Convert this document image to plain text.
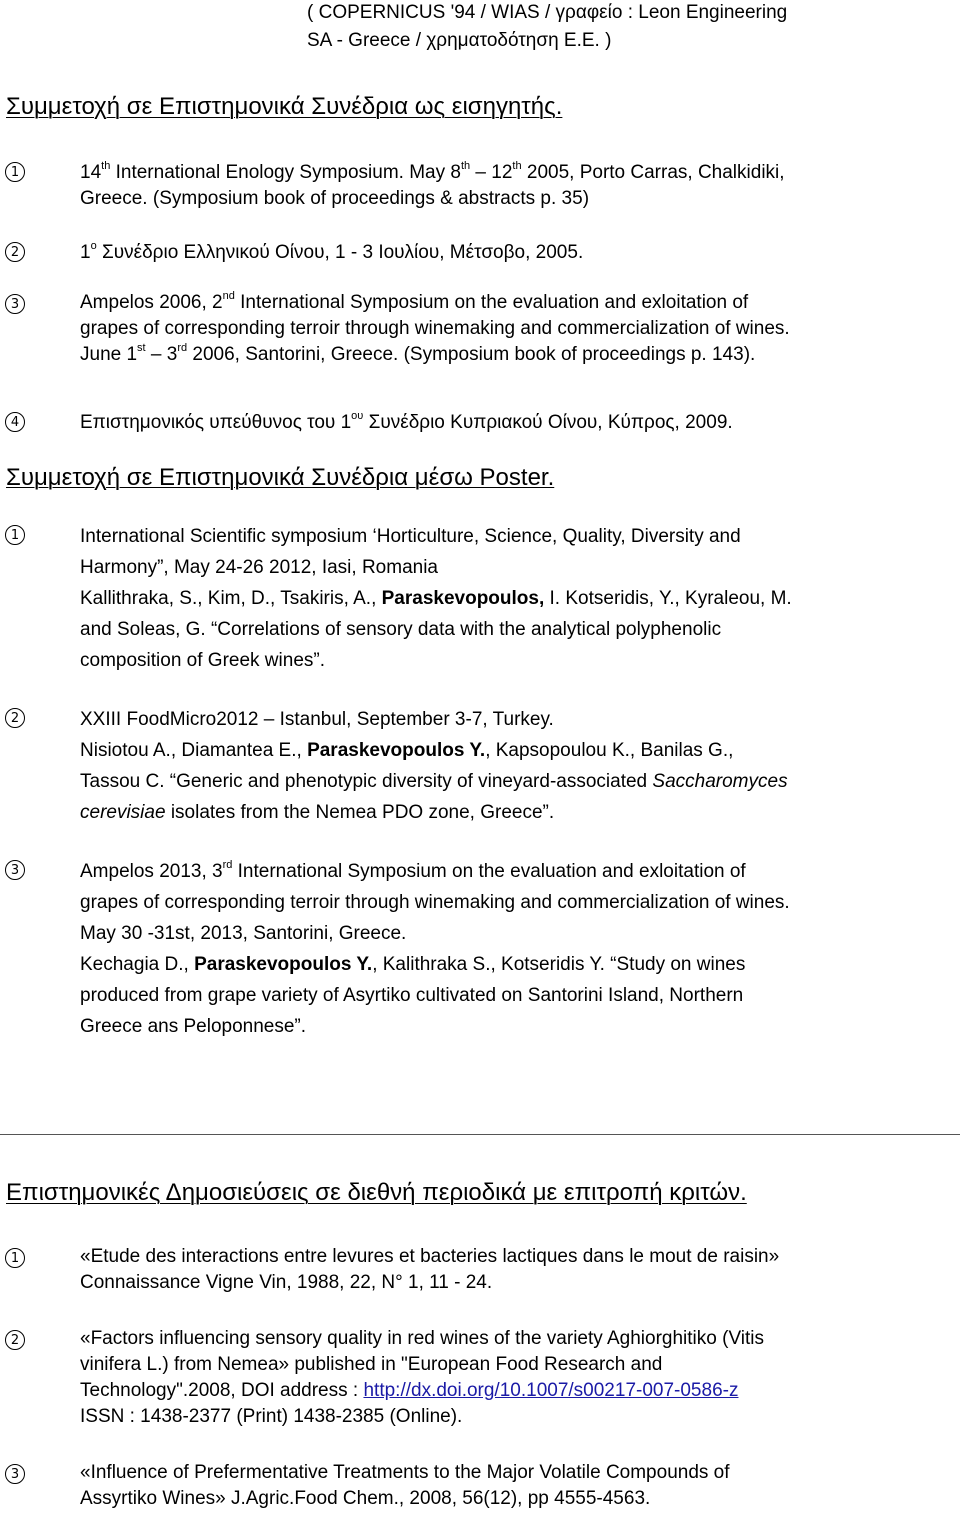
( COPERNICUS '94 / WIAS / γραφείο : Leon Engineering
SA - Greece / χρηματοδότηση Ε.Ε. )
Συμμετοχή σε Επιστημονικά Συνέδρια ως εισηγητής.
1	14th International Enology Symposium. May 8th – 12th 2005, Porto Carras, Chalkidiki,
Greece. (Symposium book of proceedings & abstracts p. 35)
2	1$^o$ Συνέδριο Ελληνικού Οίνου, 1 - 3 Ιουλίου, Μέτσοβο, 2005.
3	Ampelos 2006, 2nd International Symposium on the evaluation and exloitation of
grapes of corresponding terroir through winemaking and commercialization of wines.
June 1st – 3rd 2006, Santorini, Greece. (Symposium book of proceedings p. 143).
4	Επιστημονικός υπεύθυνος του $1^{o\upsilon}$ Συνέδριο Κυπριακού Οίνου, Κύπρος, 2009.
Συμμετοχή σε Επιστημονικά Συνέδρια μέσω Poster.
1	International Scientific symposium ‘Horticulture, Science, Quality, Diversity and
Harmony”, May 24-26 2012, Iasi, Romania
Kallithraka, S., Kim, D., Tsakiris, A., Paraskevopoulos, I. Kotseridis, Y., Kyraleou, M.
and Soleas, G. “Correlations of sensory data with the analytical polyphenolic
composition of Greek wines”.
2	XXIII FoodMicro2012 – Istanbul, September 3-7, Turkey.
Nisiotou A., Diamantea E., Paraskevopoulos Y., Kapsopoulou K., Banilas G.,
Tassou C. “Generic and phenotypic diversity of vineyard-associated Saccharomyces
cerevisiae isolates from the Nemea PDO zone, Greece”.
3	Ampelos 2013, 3rd International Symposium on the evaluation and exloitation of
grapes of corresponding terroir through winemaking and commercialization of wines.
May 30 -31st, 2013, Santorini, Greece.
Kechagia D., Paraskevopoulos Y., Kalithraka S., Kotseridis Y. “Study on wines
produced from grape variety of Asyrtiko cultivated on Santorini Island, Northern
Greece ans Peloponnese”.
Επιστημονικές Δημοσιεύσεις σε διεθνή περιοδικά με επιτροπή κριτών.
1	«Etude des interactions entre levures et bacteries lactiques dans le mout de raisin»
Connaissance Vigne Vin, 1988, 22, N° 1, 11 - 24.
2	«Factors influencing sensory quality in red wines of the variety Aghiorghitiko (Vitis
vinifera L.) from Nemea» published in "European Food Research and
Technology".2008, DOI address : http://dx.doi.org/10.1007/s00217-007-0586-z
ISSN : 1438-2377 (Print) 1438-2385 (Online).
3	«Influence of Prefermentative Treatments to the Major Volatile Compounds of
Assyrtiko Wines» J.Agric.Food Chem., 2008, 56(12), pp 4555-4563.
